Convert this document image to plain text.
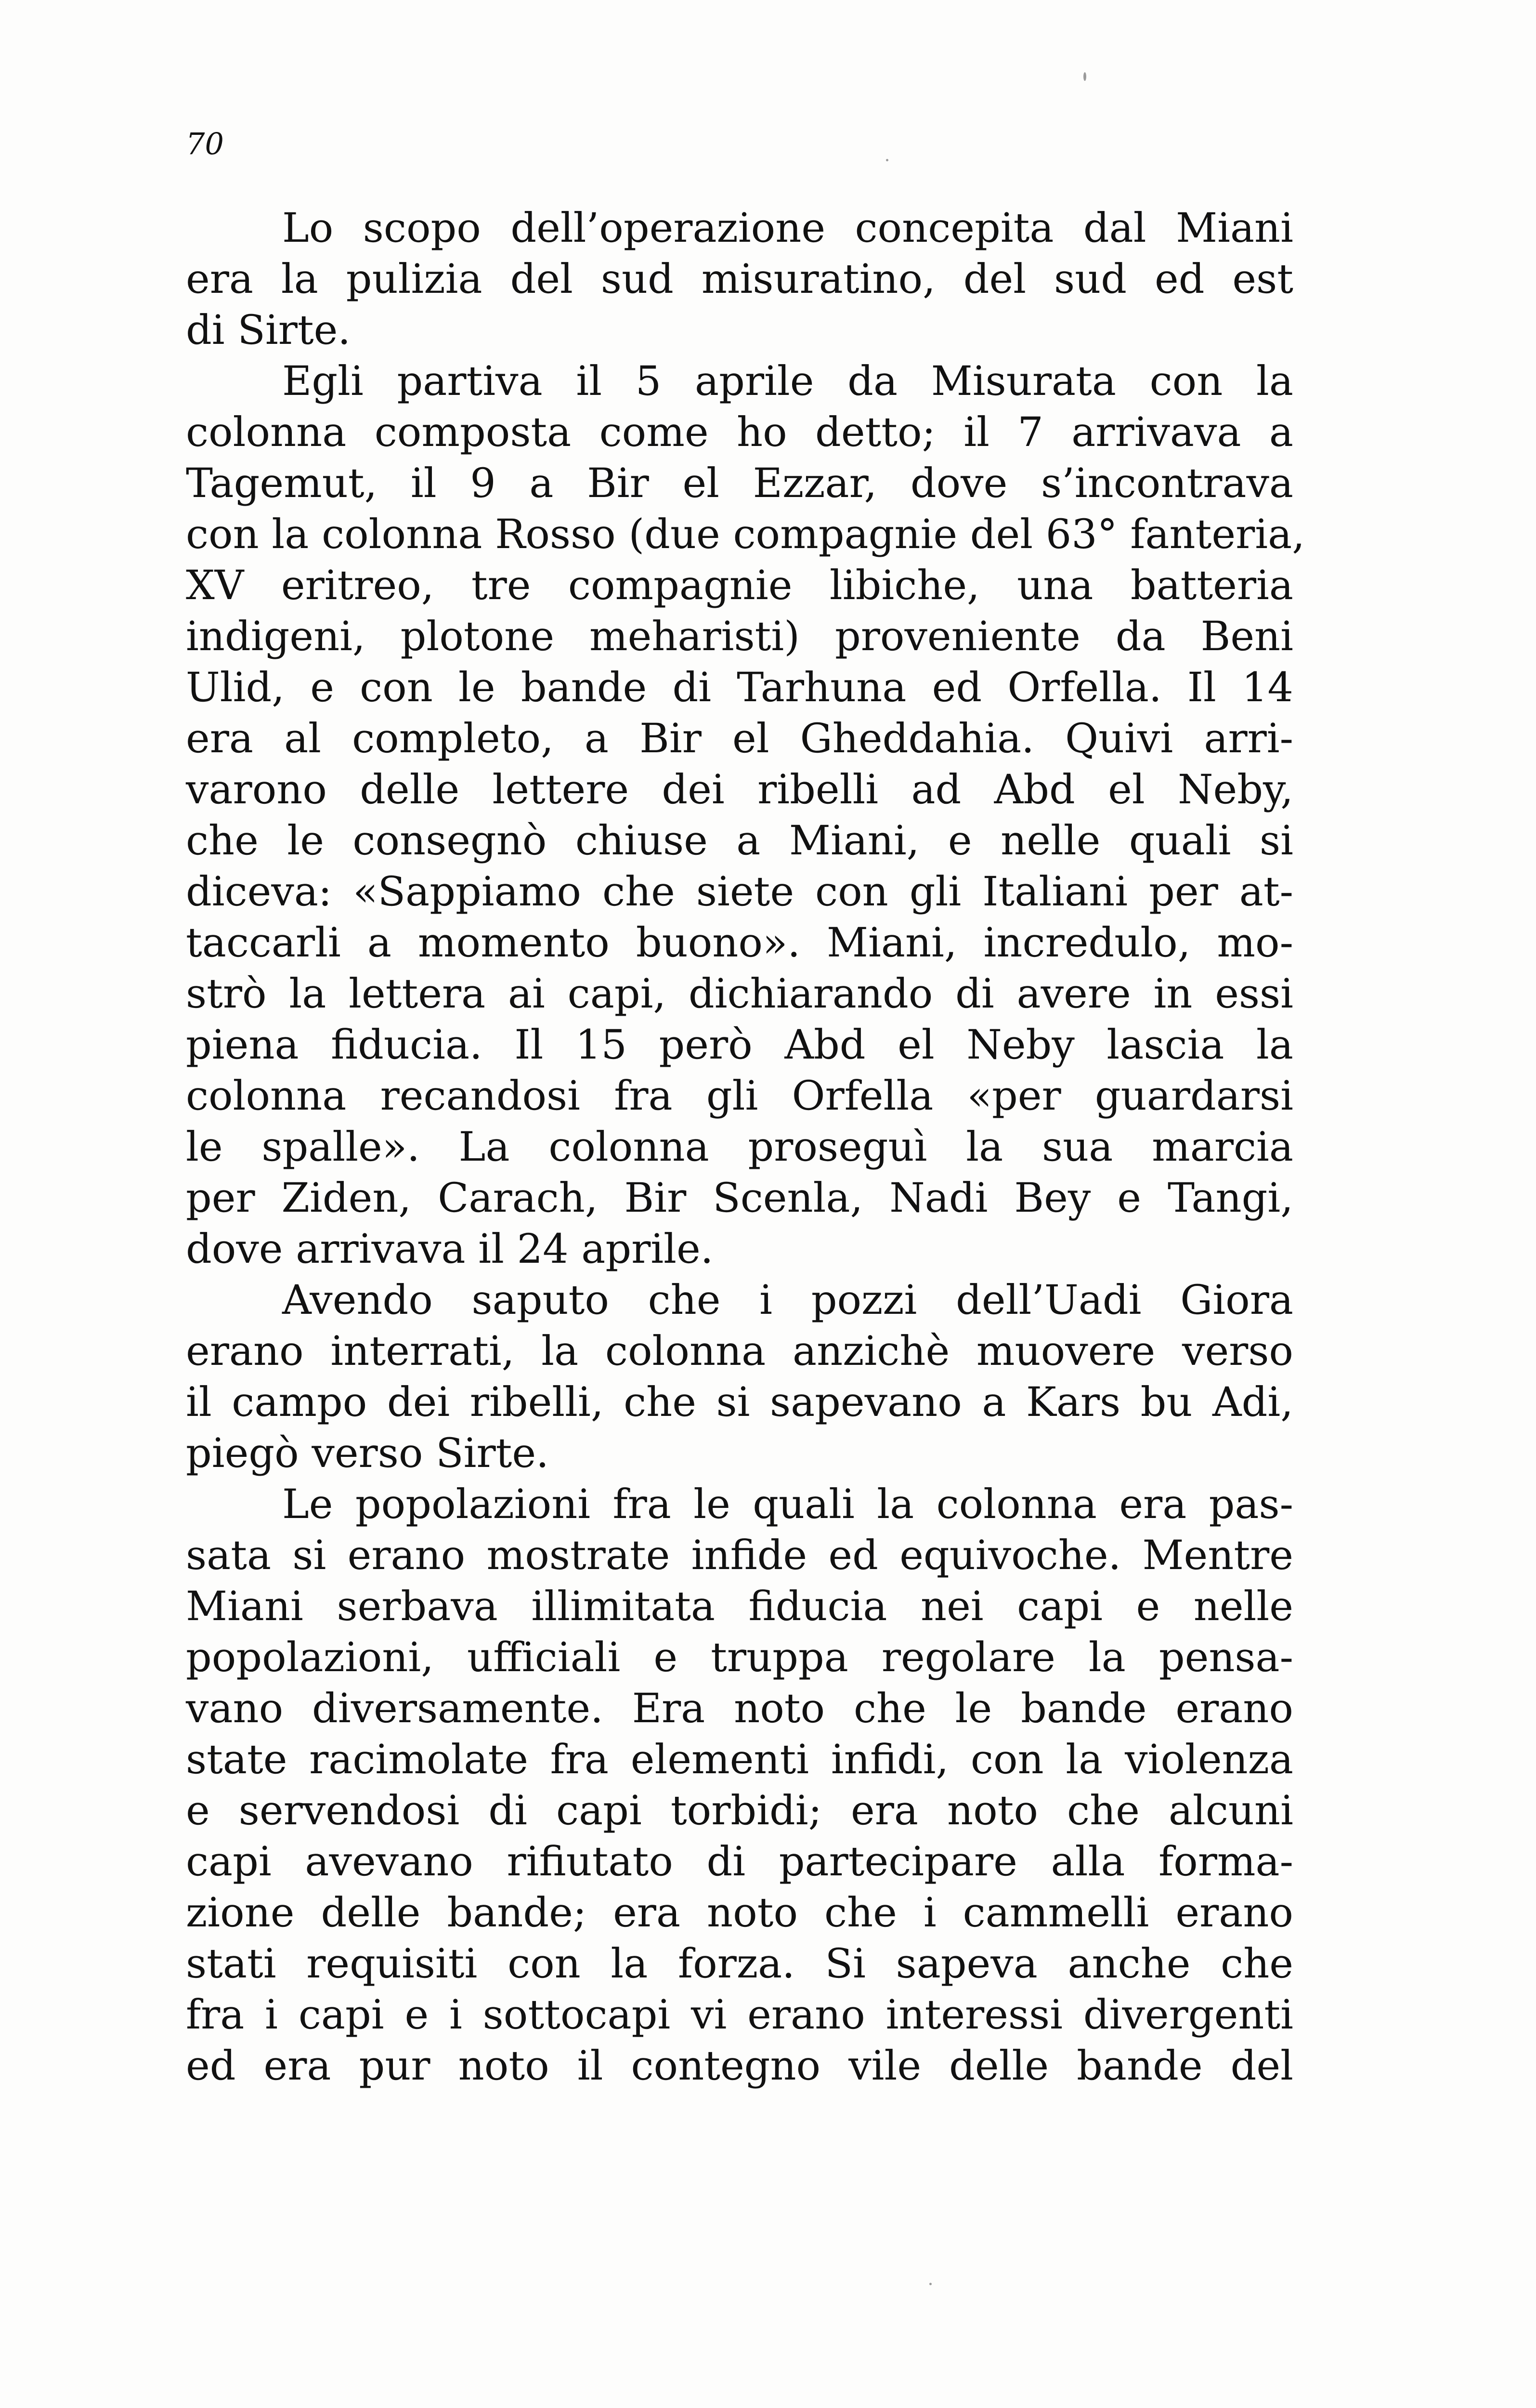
70
Lo scopo dell’operazione concepita dal Miani
era la pulizia del sud misuratino, del sud ed est
di Sirte.
Egli partiva il 5 aprile da Misurata con la
colonna composta come ho detto; il 7 arrivava a
Tagemut, il 9 a Bir el Ezzar, dove s’incontrava
con la colonna Rosso (due compagnie del 63° fanteria,
XV eritreo, tre compagnie libiche, una batteria
indigeni, plotone meharisti) proveniente da Beni
Ulid, e con le bande di Tarhuna ed Orfella. Il 14
era al completo, a Bir el Gheddahia. Quivi arri-
varono delle lettere dei ribelli ad Abd el Neby,
che le consegnò chiuse a Miani, e nelle quali si
diceva: «Sappiamo che siete con gli Italiani per at-
taccarli a momento buono». Miani, incredulo, mo-
strò la lettera ai capi, dichiarando di avere in essi
piena fiducia. Il 15 però Abd el Neby lascia la
colonna recandosi fra gli Orfella «per guardarsi
le spalle». La colonna proseguì la sua marcia
per Ziden, Carach, Bir Scenla, Nadi Bey e Tangi,
dove arrivava il 24 aprile.
Avendo saputo che i pozzi dell’Uadi Giora
erano interrati, la colonna anzichè muovere verso
il campo dei ribelli, che si sapevano a Kars bu Adi,
piegò verso Sirte.
Le popolazioni fra le quali la colonna era pas-
sata si erano mostrate infide ed equivoche. Mentre
Miani serbava illimitata fiducia nei capi e nelle
popolazioni, ufficiali e truppa regolare la pensa-
vano diversamente. Era noto che le bande erano
state racimolate fra elementi infidi, con la violenza
e servendosi di capi torbidi; era noto che alcuni
capi avevano rifiutato di partecipare alla forma-
zione delle bande; era noto che i cammelli erano
stati requisiti con la forza. Si sapeva anche che
fra i capi e i sottocapi vi erano interessi divergenti
ed era pur noto il contegno vile delle bande del
